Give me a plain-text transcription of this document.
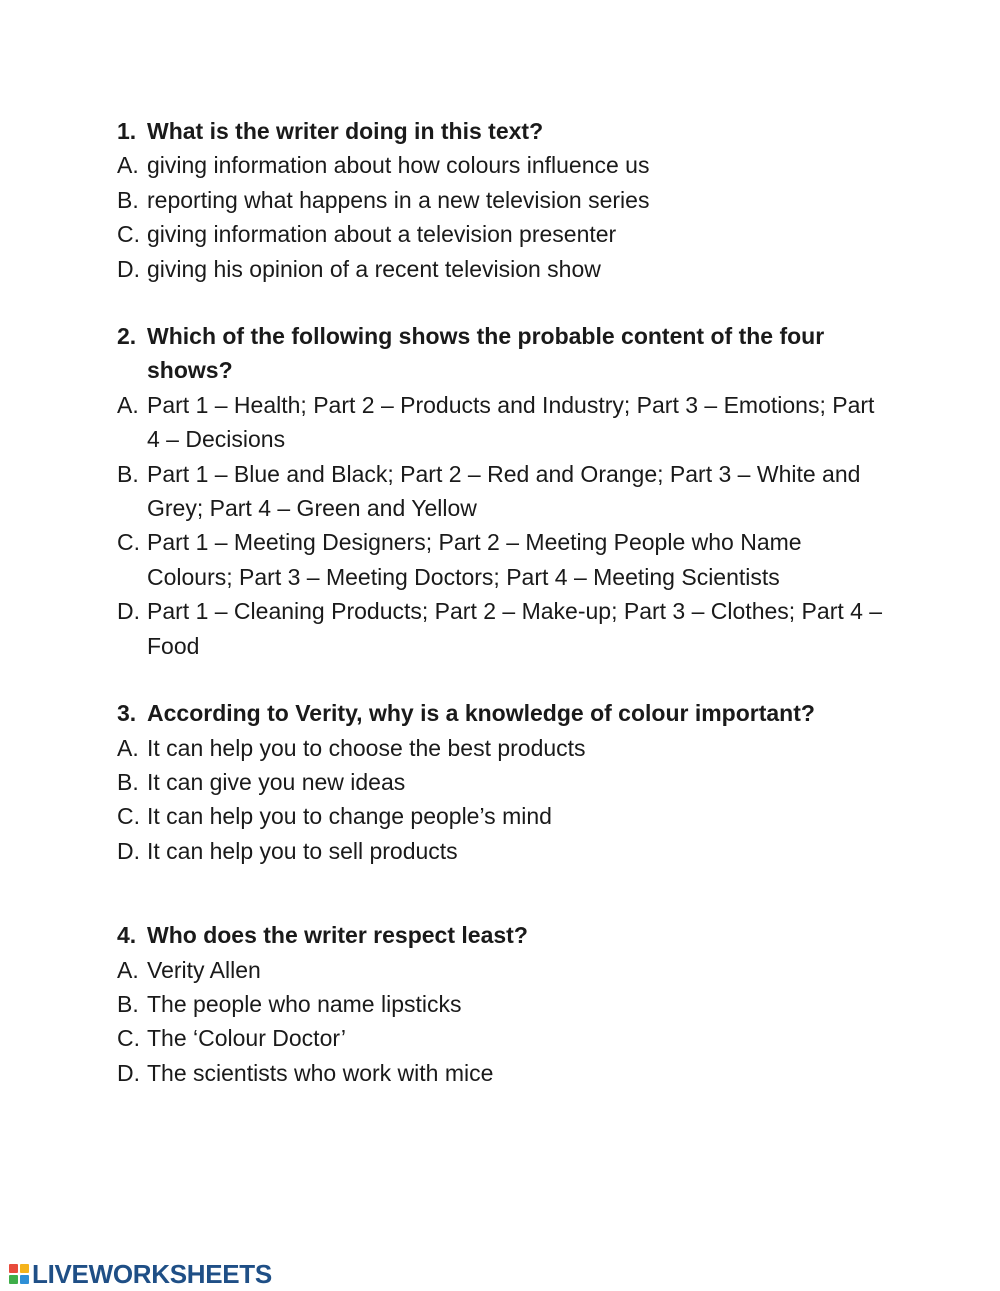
1. What is the writer doing in this text?
A. giving information about how colours influence us
B. reporting what happens in a new television series
C. giving information about a television presenter
D. giving his opinion of a recent television show
2. Which of the following shows the probable content of the four shows?
A. Part 1 – Health; Part 2 – Products and Industry; Part 3 – Emotions; Part 4 – Decisions
B. Part 1 – Blue and Black; Part 2 – Red and Orange; Part 3 – White and Grey; Part 4 – Green and Yellow
C. Part 1 – Meeting Designers; Part 2 – Meeting People who Name Colours; Part 3 – Meeting Doctors; Part 4 – Meeting Scientists
D. Part 1 – Cleaning Products; Part 2 – Make-up; Part 3 – Clothes; Part 4 – Food
3. According to Verity, why is a knowledge of colour important?
A. It can help you to choose the best products
B. It can give you new ideas
C. It can help you to change people’s mind
D. It can help you to sell products
4. Who does the writer respect least?
A. Verity Allen
B. The people who name lipsticks
C. The ‘Colour Doctor’
D. The scientists who work with mice
LIVEWORKSHEETS
